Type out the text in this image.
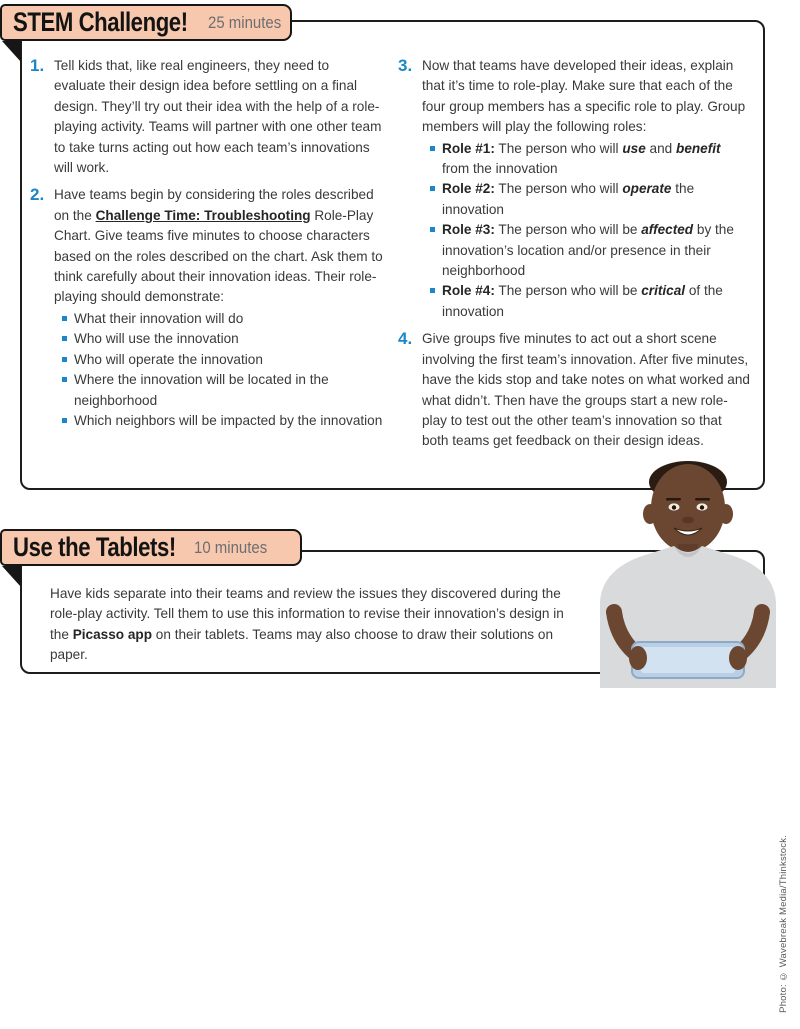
1. Tell kids that, like real engineers, they need to evaluate their design idea before settling on a final design. They’ll try out their idea with the help of a role-playing activity. Teams will partner with one other team to take turns acting out how each team’s innovations will work.

2. Have teams begin by considering the roles described on the Challenge Time: Troubleshooting Role-Play Chart. Give teams five minutes to choose characters based on the roles described on the chart. Ask them to think carefully about their innovation ideas. Their role-playing should demonstrate:

What their innovation will do
Who will use the innovation
Who will operate the innovation
Where the innovation will be located in the neighborhood
Which neighbors will be impacted by the innovation
3. Now that teams have developed their ideas, explain that it’s time to role-play. Make sure that each of the four group members has a specific role to play. Group members will play the following roles:

Role #1: The person who will use and benefit from the innovation
Role #2: The person who will operate the innovation
Role #3: The person who will be affected by the innovation’s location and/or presence in their neighborhood
Role #4: The person who will be critical of the innovation
4. Give groups five minutes to act out a short scene involving the first team’s innovation. After five minutes, have the kids stop and take notes on what worked and what didn’t. Then have the groups start a new role-play to test out the other team’s innovation so that both teams get feedback on their design ideas.

Have kids separate into their teams and review the issues they discovered during the role-play activity. Tell them to use this information to revise their innovation’s design in the Picasso app on their tablets. Teams may also choose to draw their solutions on paper.

STEM Challenge! 25 minutes
Use the Tablets! 10 minutes
Photo: © Wavebreak Media/Thinkstock.
